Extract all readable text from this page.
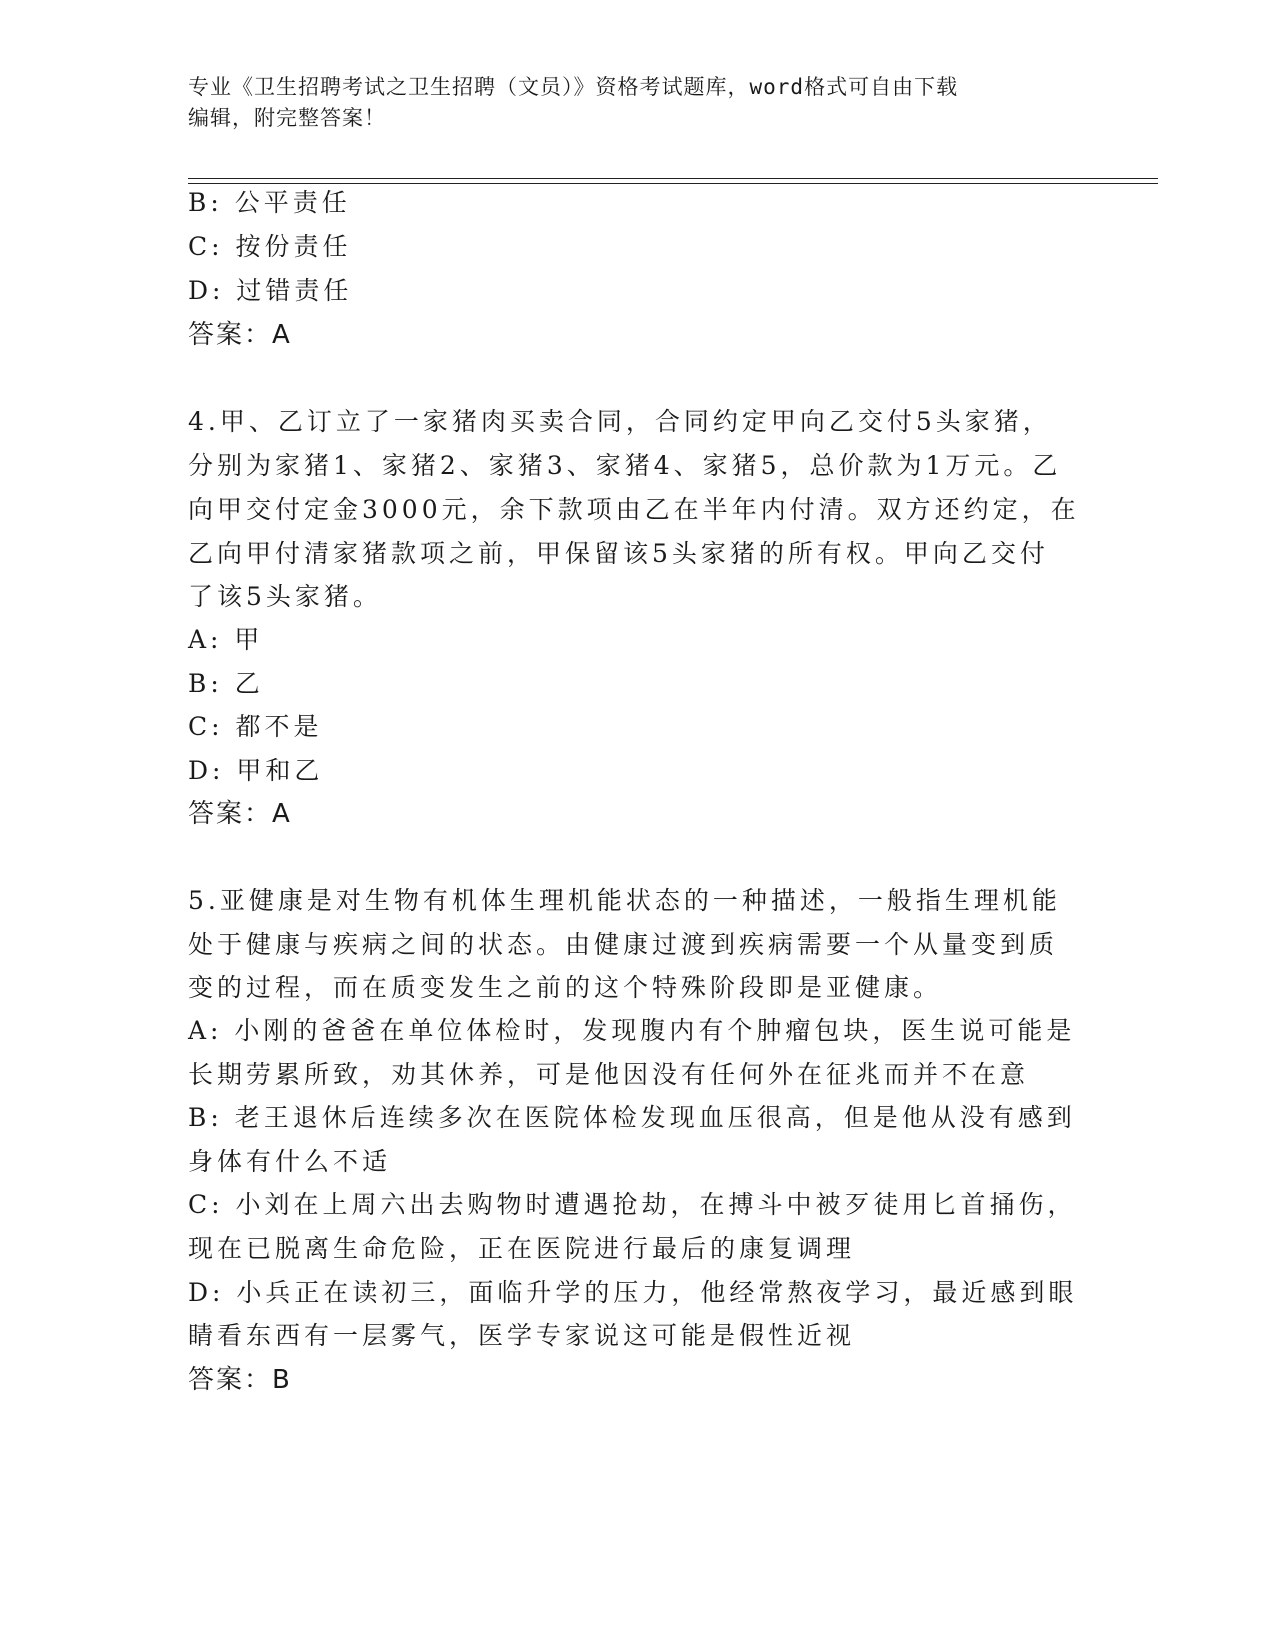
专业《卫生招聘考试之卫生招聘（文员）》资格考试题库，word格式可自由下载
编辑，附完整答案！
B: 公平责任
C: 按份责任
D: 过错责任
答案：A
4.甲、乙订立了一家猪肉买卖合同，合同约定甲向乙交付5头家猪，
分别为家猪1、家猪2、家猪3、家猪4、家猪5，总价款为1万元。乙
向甲交付定金3000元，余下款项由乙在半年内付清。双方还约定，在
乙向甲付清家猪款项之前，甲保留该5头家猪的所有权。甲向乙交付
了该5头家猪。
A: 甲
B: 乙
C: 都不是
D: 甲和乙
答案：A
5.亚健康是对生物有机体生理机能状态的一种描述，一般指生理机能
处于健康与疾病之间的状态。由健康过渡到疾病需要一个从量变到质
变的过程，而在质变发生之前的这个特殊阶段即是亚健康。
A: 小刚的爸爸在单位体检时，发现腹内有个肿瘤包块，医生说可能是
长期劳累所致，劝其休养，可是他因没有任何外在征兆而并不在意
B: 老王退休后连续多次在医院体检发现血压很高，但是他从没有感到
身体有什么不适
C: 小刘在上周六出去购物时遭遇抢劫，在搏斗中被歹徒用匕首捅伤，
现在已脱离生命危险，正在医院进行最后的康复调理
D: 小兵正在读初三，面临升学的压力，他经常熬夜学习，最近感到眼
睛看东西有一层雾气，医学专家说这可能是假性近视
答案：B
